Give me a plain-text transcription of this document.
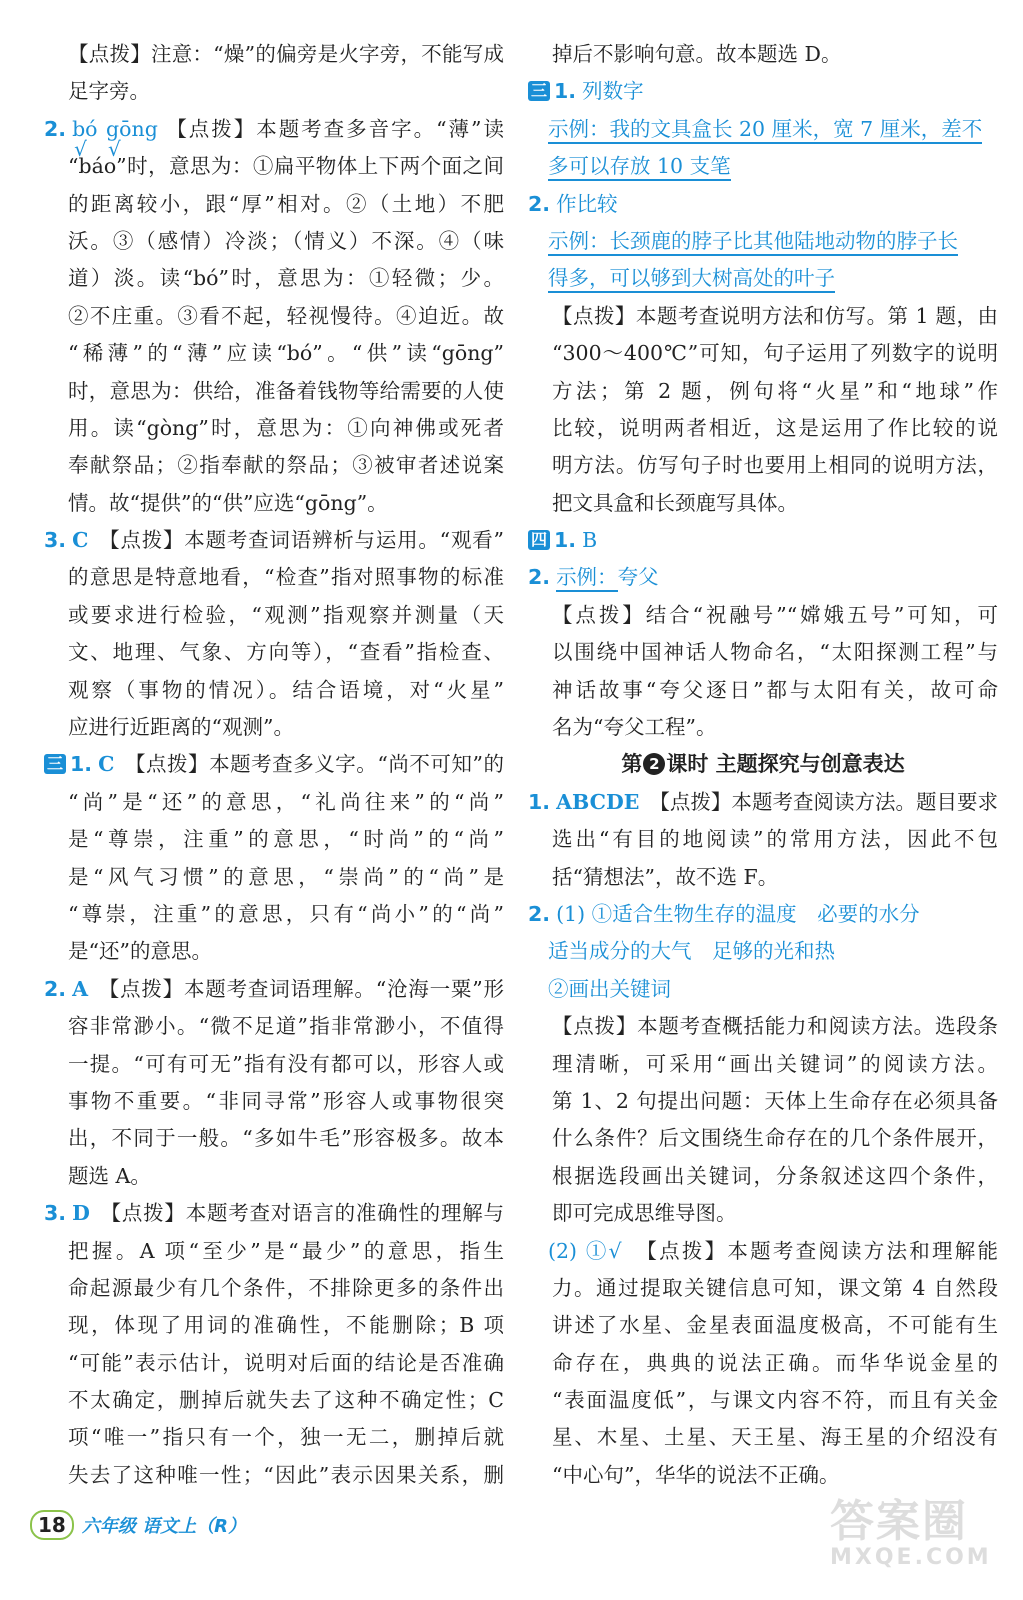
【点拨】注意：“燥”的偏旁是火字旁，不能写成
足字旁。
2. bó
√
gōng
√
【点拨】本题考查多音字。“薄”读
“báo”时，意思为：①扁平物体上下两个面之间
的距离较小，跟“厚”相对。②（土地）不肥
沃。③（感情）冷淡；（情义）不深。④（味
道）淡。读“bó”时，意思为：①轻微；少。
②不庄重。③看不起，轻视慢待。④迫近。故
“稀薄”的“薄”应读“bó”。“供”读“gōng”
时，意思为：供给，准备着钱物等给需要的人使
用。读“gòng”时，意思为：①向神佛或死者
奉献祭品；②指奉献的祭品；③被审者述说案
情。故“提供”的“供”应选“gōng”。
3. C 【点拨】本题考查词语辨析与运用。“观看”
的意思是特意地看，“检查”指对照事物的标准
或要求进行检验，“观测”指观察并测量（天
文、地理、气象、方向等），“查看”指检查、
观察（事物的情况）。结合语境，对“火星”
应进行近距离的“观测”。
三 1. C 【点拨】本题考查多义字。“尚不可知”的
“尚”是“还”的意思，“礼尚往来”的“尚”
是“尊崇，注重”的意思，“时尚”的“尚”
是“风气习惯”的意思，“崇尚”的“尚”是
“尊崇，注重”的意思，只有“尚小”的“尚”
是“还”的意思。
2. A 【点拨】本题考查词语理解。“沧海一粟”形
容非常渺小。“微不足道”指非常渺小，不值得
一提。“可有可无”指有没有都可以，形容人或
事物不重要。“非同寻常”形容人或事物很突
出，不同于一般。“多如牛毛”形容极多。故本
题选 A。
3. D 【点拨】本题考查对语言的准确性的理解与
把握。A 项“至少”是“最少”的意思，指生
命起源最少有几个条件，不排除更多的条件出
现，体现了用词的准确性，不能删除；B 项
“可能”表示估计，说明对后面的结论是否准确
不太确定，删掉后就失去了这种不确定性；C
项“唯一”指只有一个，独一无二，删掉后就
失去了这种唯一性；“因此”表示因果关系，删
掉后不影响句意。故本题选 D。
三 1. 列数字
示例：我的文具盒长 20 厘米，宽 7 厘米，差不
多可以存放 10 支笔
2. 作比较
示例：长颈鹿的脖子比其他陆地动物的脖子长
得多，可以够到大树高处的叶子
【点拨】本题考查说明方法和仿写。第 1 题，由
“300～400℃”可知，句子运用了列数字的说明
方法；第 2 题，例句将“火星”和“地球”作
比较，说明两者相近，这是运用了作比较的说
明方法。仿写句子时也要用上相同的说明方法，
把文具盒和长颈鹿写具体。
四 1. B
2. 示例：夸父
【点拨】结合“祝融号”“嫦娥五号”可知，可
以围绕中国神话人物命名，“太阳探测工程”与
神话故事“夸父逐日”都与太阳有关，故可命
名为“夸父工程”。
第 2 课时 主题探究与创意表达
1. ABCDE 【点拨】本题考查阅读方法。题目要求
选出“有目的地阅读”的常用方法，因此不包
括“猜想法”，故不选 F。
2. (1) ①适合生物生存的温度　必要的水分
适当成分的大气　足够的光和热
②画出关键词
【点拨】本题考查概括能力和阅读方法。选段条
理清晰，可采用“画出关键词”的阅读方法。
第 1、2 句提出问题：天体上生命存在必须具备
什么条件？后文围绕生命存在的几个条件展开，
根据选段画出关键词，分条叙述这四个条件，
即可完成思维导图。
(2) ①√　 【点拨】本题考查阅读方法和理解能
力。通过提取关键信息可知，课文第 4 自然段
讲述了水星、金星表面温度极高，不可能有生
命存在，典典的说法正确。而华华说金星的
“表面温度低”，与课文内容不符，而且有关金
星、木星、土星、天王星、海王星的介绍没有
“中心句”，华华的说法不正确。
18 六年级 语文上（R）	答案圈
MXQE.COM
